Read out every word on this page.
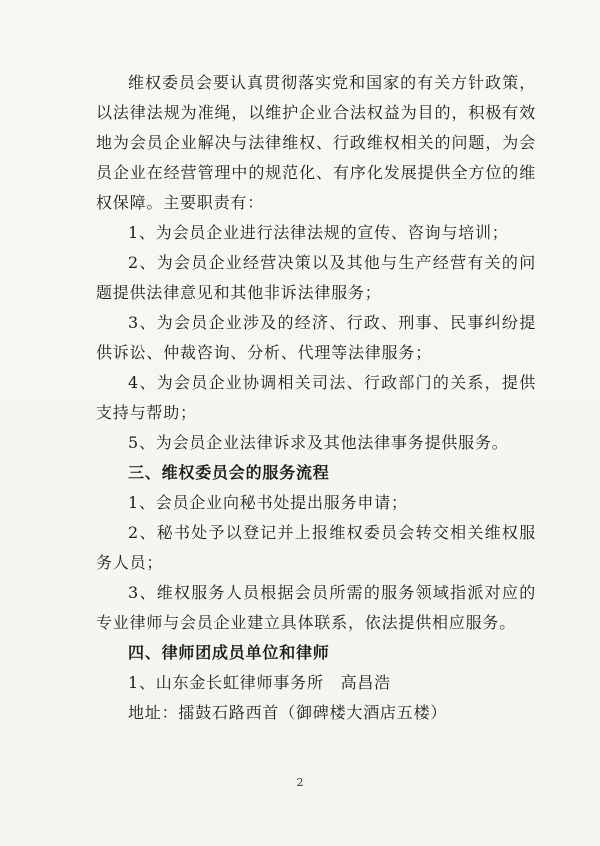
维权委员会要认真贯彻落实党和国家的有关方针政策，以法律法规为准绳，以维护企业合法权益为目的，积极有效地为会员企业解决与法律维权、行政维权相关的问题，为会员企业在经营管理中的规范化、有序化发展提供全方位的维权保障。主要职责有：

1、为会员企业进行法律法规的宣传、咨询与培训；

2、为会员企业经营决策以及其他与生产经营有关的问题提供法律意见和其他非诉法律服务；

3、为会员企业涉及的经济、行政、刑事、民事纠纷提供诉讼、仲裁咨询、分析、代理等法律服务；

4、为会员企业协调相关司法、行政部门的关系，提供支持与帮助；

5、为会员企业法律诉求及其他法律事务提供服务。

三、维权委员会的服务流程

1、会员企业向秘书处提出服务申请；

2、秘书处予以登记并上报维权委员会转交相关维权服务人员；

3、维权服务人员根据会员所需的服务领域指派对应的专业律师与会员企业建立具体联系，依法提供相应服务。

四、律师团成员单位和律师

1、山东金长虹律师事务所　高昌浩

地址：擂鼓石路西首（御碑楼大酒店五楼）

2
